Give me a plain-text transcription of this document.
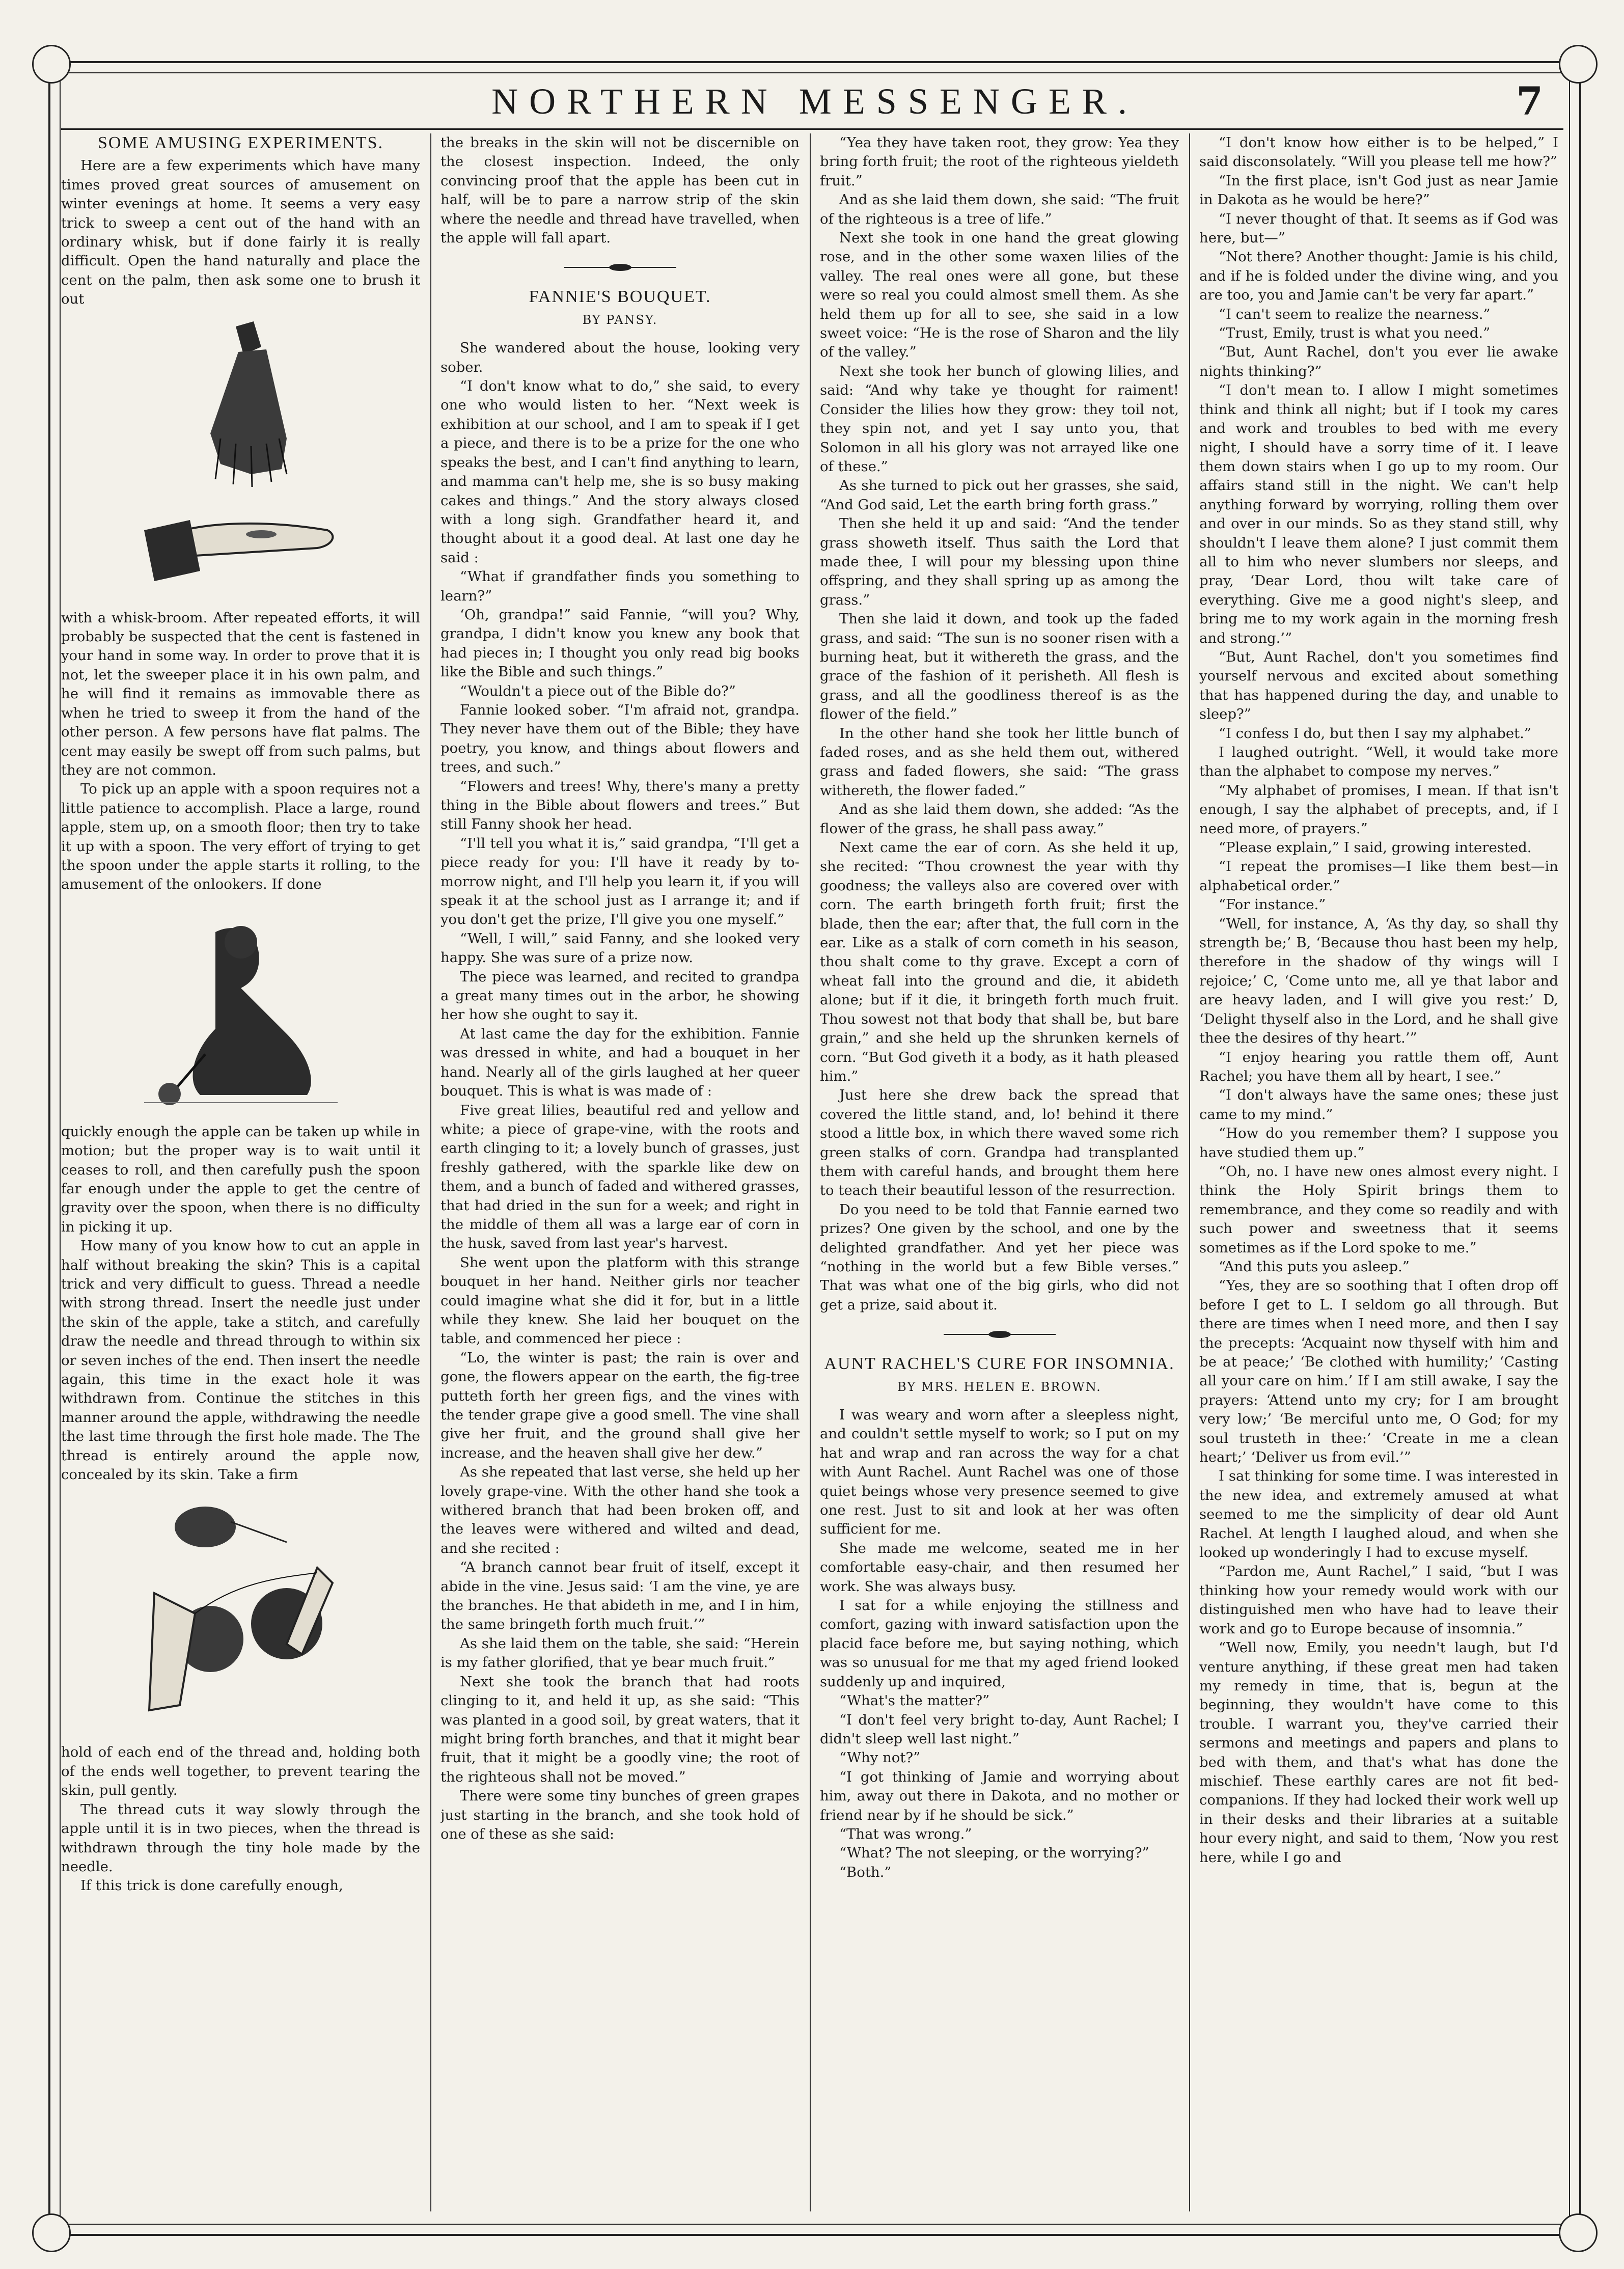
NORTHERN MESSENGER.	7
SOME AMUSING EXPERIMENTS.

Here are a few experiments which have many times proved great sources of amusement on winter evenings at home. It seems a very easy trick to sweep a cent out of the hand with an ordinary whisk, but if done fairly it is really difficult. Open the hand naturally and place the cent on the palm, then ask some one to brush it out

with a whisk-broom. After repeated efforts, it will probably be suspected that the cent is fastened in your hand in some way. In order to prove that it is not, let the sweeper place it in his own palm, and he will find it remains as immovable there as when he tried to sweep it from the hand of the other person. A few persons have flat palms. The cent may easily be swept off from such palms, but they are not common.

To pick up an apple with a spoon requires not a little patience to accomplish. Place a large, round apple, stem up, on a smooth floor; then try to take it up with a spoon. The very effort of trying to get the spoon under the apple starts it rolling, to the amusement of the onlookers. If done

quickly enough the apple can be taken up while in motion; but the proper way is to wait until it ceases to roll, and then carefully push the spoon far enough under the apple to get the centre of gravity over the spoon, when there is no difficulty in picking it up.

How many of you know how to cut an apple in half without breaking the skin? This is a capital trick and very difficult to guess. Thread a needle with strong thread. Insert the needle just under the skin of the apple, take a stitch, and carefully draw the needle and thread through to within six or seven inches of the end. Then insert the needle again, this time in the exact hole it was withdrawn from. Continue the stitches in this manner around the apple, withdrawing the needle the last time through the first hole made. The The thread is entirely around the apple now, concealed by its skin. Take a firm

hold of each end of the thread and, holding both of the ends well together, to prevent tearing the skin, pull gently.

The thread cuts it way slowly through the apple until it is in two pieces, when the thread is withdrawn through the tiny hole made by the needle.

If this trick is done carefully enough,

the breaks in the skin will not be discernible on the closest inspection. Indeed, the only convincing proof that the apple has been cut in half, will be to pare a narrow strip of the skin where the needle and thread have travelled, when the apple will fall apart.

FANNIE'S BOUQUET.
BY PANSY.

She wandered about the house, looking very sober.

“I don't know what to do,” she said, to every one who would listen to her. “Next week is exhibition at our school, and I am to speak if I get a piece, and there is to be a prize for the one who speaks the best, and I can't find anything to learn, and mamma can't help me, she is so busy making cakes and things.” And the story always closed with a long sigh. Grandfather heard it, and thought about it a good deal. At last one day he said :

“What if grandfather finds you something to learn?”

‘Oh, grandpa!” said Fannie, “will you? Why, grandpa, I didn't know you knew any book that had pieces in; I thought you only read big books like the Bible and such things.”

“Wouldn't a piece out of the Bible do?”

Fannie looked sober. “I'm afraid not, grandpa. They never have them out of the Bible; they have poetry, you know, and things about flowers and trees, and such.”

“Flowers and trees! Why, there's many a pretty thing in the Bible about flowers and trees.” But still Fanny shook her head.

“I'll tell you what it is,” said grandpa, “I'll get a piece ready for you: I'll have it ready by to-morrow night, and I'll help you learn it, if you will speak it at the school just as I arrange it; and if you don't get the prize, I'll give you one myself.”

“Well, I will,” said Fanny, and she looked very happy. She was sure of a prize now.

The piece was learned, and recited to grandpa a great many times out in the arbor, he showing her how she ought to say it.

At last came the day for the exhibition. Fannie was dressed in white, and had a bouquet in her hand. Nearly all of the girls laughed at her queer bouquet. This is what is was made of :

Five great lilies, beautiful red and yellow and white; a piece of grape-vine, with the roots and earth clinging to it; a lovely bunch of grasses, just freshly gathered, with the sparkle like dew on them, and a bunch of faded and withered grasses, that had dried in the sun for a week; and right in the middle of them all was a large ear of corn in the husk, saved from last year's harvest.

She went upon the platform with this strange bouquet in her hand. Neither girls nor teacher could imagine what she did it for, but in a little while they knew. She laid her bouquet on the table, and commenced her piece :

“Lo, the winter is past; the rain is over and gone, the flowers appear on the earth, the fig-tree putteth forth her green figs, and the vines with the tender grape give a good smell. The vine shall give her fruit, and the ground shall give her increase, and the heaven shall give her dew.”

As she repeated that last verse, she held up her lovely grape-vine. With the other hand she took a withered branch that had been broken off, and the leaves were withered and wilted and dead, and she recited :

“A branch cannot bear fruit of itself, except it abide in the vine. Jesus said: ‘I am the vine, ye are the branches. He that abideth in me, and I in him, the same bringeth forth much fruit.’”

As she laid them on the table, she said: “Herein is my father glorified, that ye bear much fruit.”

Next she took the branch that had roots clinging to it, and held it up, as she said: “This was planted in a good soil, by great waters, that it might bring forth branches, and that it might bear fruit, that it might be a goodly vine; the root of the righteous shall not be moved.”

There were some tiny bunches of green grapes just starting in the branch, and she took hold of one of these as she said:

“Yea they have taken root, they grow: Yea they bring forth fruit; the root of the righteous yieldeth fruit.”

And as she laid them down, she said: “The fruit of the righteous is a tree of life.”

Next she took in one hand the great glowing rose, and in the other some waxen lilies of the valley. The real ones were all gone, but these were so real you could almost smell them. As she held them up for all to see, she said in a low sweet voice: “He is the rose of Sharon and the lily of the valley.”

Next she took her bunch of glowing lilies, and said: “And why take ye thought for raiment! Consider the lilies how they grow: they toil not, they spin not, and yet I say unto you, that Solomon in all his glory was not arrayed like one of these.”

As she turned to pick out her grasses, she said, “And God said, Let the earth bring forth grass.”

Then she held it up and said: “And the tender grass showeth itself. Thus saith the Lord that made thee, I will pour my blessing upon thine offspring, and they shall spring up as among the grass.”

Then she laid it down, and took up the faded grass, and said: “The sun is no sooner risen with a burning heat, but it withereth the grass, and the grace of the fashion of it perisheth. All flesh is grass, and all the goodliness thereof is as the flower of the field.”

In the other hand she took her little bunch of faded roses, and as she held them out, withered grass and faded flowers, she said: “The grass withereth, the flower faded.”

And as she laid them down, she added: “As the flower of the grass, he shall pass away.”

Next came the ear of corn. As she held it up, she recited: “Thou crownest the year with thy goodness; the valleys also are covered over with corn. The earth bringeth forth fruit; first the blade, then the ear; after that, the full corn in the ear. Like as a stalk of corn cometh in his season, thou shalt come to thy grave. Except a corn of wheat fall into the ground and die, it abideth alone; but if it die, it bringeth forth much fruit. Thou sowest not that body that shall be, but bare grain,” and she held up the shrunken kernels of corn. “But God giveth it a body, as it hath pleased him.”

Just here she drew back the spread that covered the little stand, and, lo! behind it there stood a little box, in which there waved some rich green stalks of corn. Grandpa had transplanted them with careful hands, and brought them here to teach their beautiful lesson of the resurrection.

Do you need to be told that Fannie earned two prizes? One given by the school, and one by the delighted grandfather. And yet her piece was “nothing in the world but a few Bible verses.” That was what one of the big girls, who did not get a prize, said about it.

AUNT RACHEL'S CURE FOR INSOMNIA.
BY MRS. HELEN E. BROWN.

I was weary and worn after a sleepless night, and couldn't settle myself to work; so I put on my hat and wrap and ran across the way for a chat with Aunt Rachel. Aunt Rachel was one of those quiet beings whose very presence seemed to give one rest. Just to sit and look at her was often sufficient for me.

She made me welcome, seated me in her comfortable easy-chair, and then resumed her work. She was always busy.

I sat for a while enjoying the stillness and comfort, gazing with inward satisfaction upon the placid face before me, but saying nothing, which was so unusual for me that my aged friend looked suddenly up and inquired,

“What's the matter?”

“I don't feel very bright to-day, Aunt Rachel; I didn't sleep well last night.”

“Why not?”

“I got thinking of Jamie and worrying about him, away out there in Dakota, and no mother or friend near by if he should be sick.”

“That was wrong.”

“What? The not sleeping, or the worrying?”

“Both.”

“I don't know how either is to be helped,” I said disconsolately. “Will you please tell me how?”

“In the first place, isn't God just as near Jamie in Dakota as he would be here?”

“I never thought of that. It seems as if God was here, but—”

“Not there? Another thought: Jamie is his child, and if he is folded under the divine wing, and you are too, you and Jamie can't be very far apart.”

“I can't seem to realize the nearness.”

“Trust, Emily, trust is what you need.”

“But, Aunt Rachel, don't you ever lie awake nights thinking?”

“I don't mean to. I allow I might sometimes think and think all night; but if I took my cares and work and troubles to bed with me every night, I should have a sorry time of it. I leave them down stairs when I go up to my room. Our affairs stand still in the night. We can't help anything forward by worrying, rolling them over and over in our minds. So as they stand still, why shouldn't I leave them alone? I just commit them all to him who never slumbers nor sleeps, and pray, ‘Dear Lord, thou wilt take care of everything. Give me a good night's sleep, and bring me to my work again in the morning fresh and strong.’”

“But, Aunt Rachel, don't you sometimes find yourself nervous and excited about something that has happened during the day, and unable to sleep?”

“I confess I do, but then I say my alphabet.”

I laughed outright. “Well, it would take more than the alphabet to compose my nerves.”

“My alphabet of promises, I mean. If that isn't enough, I say the alphabet of precepts, and, if I need more, of prayers.”

“Please explain,” I said, growing interested.

“I repeat the promises—I like them best—in alphabetical order.”

“For instance.”

“Well, for instance, A, ‘As thy day, so shall thy strength be;’ B, ‘Because thou hast been my help, therefore in the shadow of thy wings will I rejoice;’ C, ‘Come unto me, all ye that labor and are heavy laden, and I will give you rest:’ D, ‘Delight thyself also in the Lord, and he shall give thee the desires of thy heart.’”

“I enjoy hearing you rattle them off, Aunt Rachel; you have them all by heart, I see.”

“I don't always have the same ones; these just came to my mind.”

“How do you remember them? I suppose you have studied them up.”

“Oh, no. I have new ones almost every night. I think the Holy Spirit brings them to remembrance, and they come so readily and with such power and sweetness that it seems sometimes as if the Lord spoke to me.”

“And this puts you asleep.”

“Yes, they are so soothing that I often drop off before I get to L. I seldom go all through. But there are times when I need more, and then I say the precepts: ‘Acquaint now thyself with him and be at peace;’ ‘Be clothed with humility;’ ‘Casting all your care on him.’ If I am still awake, I say the prayers: ‘Attend unto my cry; for I am brought very low;’ ‘Be merciful unto me, O God; for my soul trusteth in thee:’ ‘Create in me a clean heart;’ ‘Deliver us from evil.’”

I sat thinking for some time. I was interested in the new idea, and extremely amused at what seemed to me the simplicity of dear old Aunt Rachel. At length I laughed aloud, and when she looked up wonderingly I had to excuse myself.

“Pardon me, Aunt Rachel,” I said, “but I was thinking how your remedy would work with our distinguished men who have had to leave their work and go to Europe because of insomnia.”

“Well now, Emily, you needn't laugh, but I'd venture anything, if these great men had taken my remedy in time, that is, begun at the beginning, they wouldn't have come to this trouble. I warrant you, they've carried their sermons and meetings and papers and plans to bed with them, and that's what has done the mischief. These earthly cares are not fit bed-companions. If they had locked their work well up in their desks and their libraries at a suitable hour every night, and said to them, ‘Now you rest here, while I go and
